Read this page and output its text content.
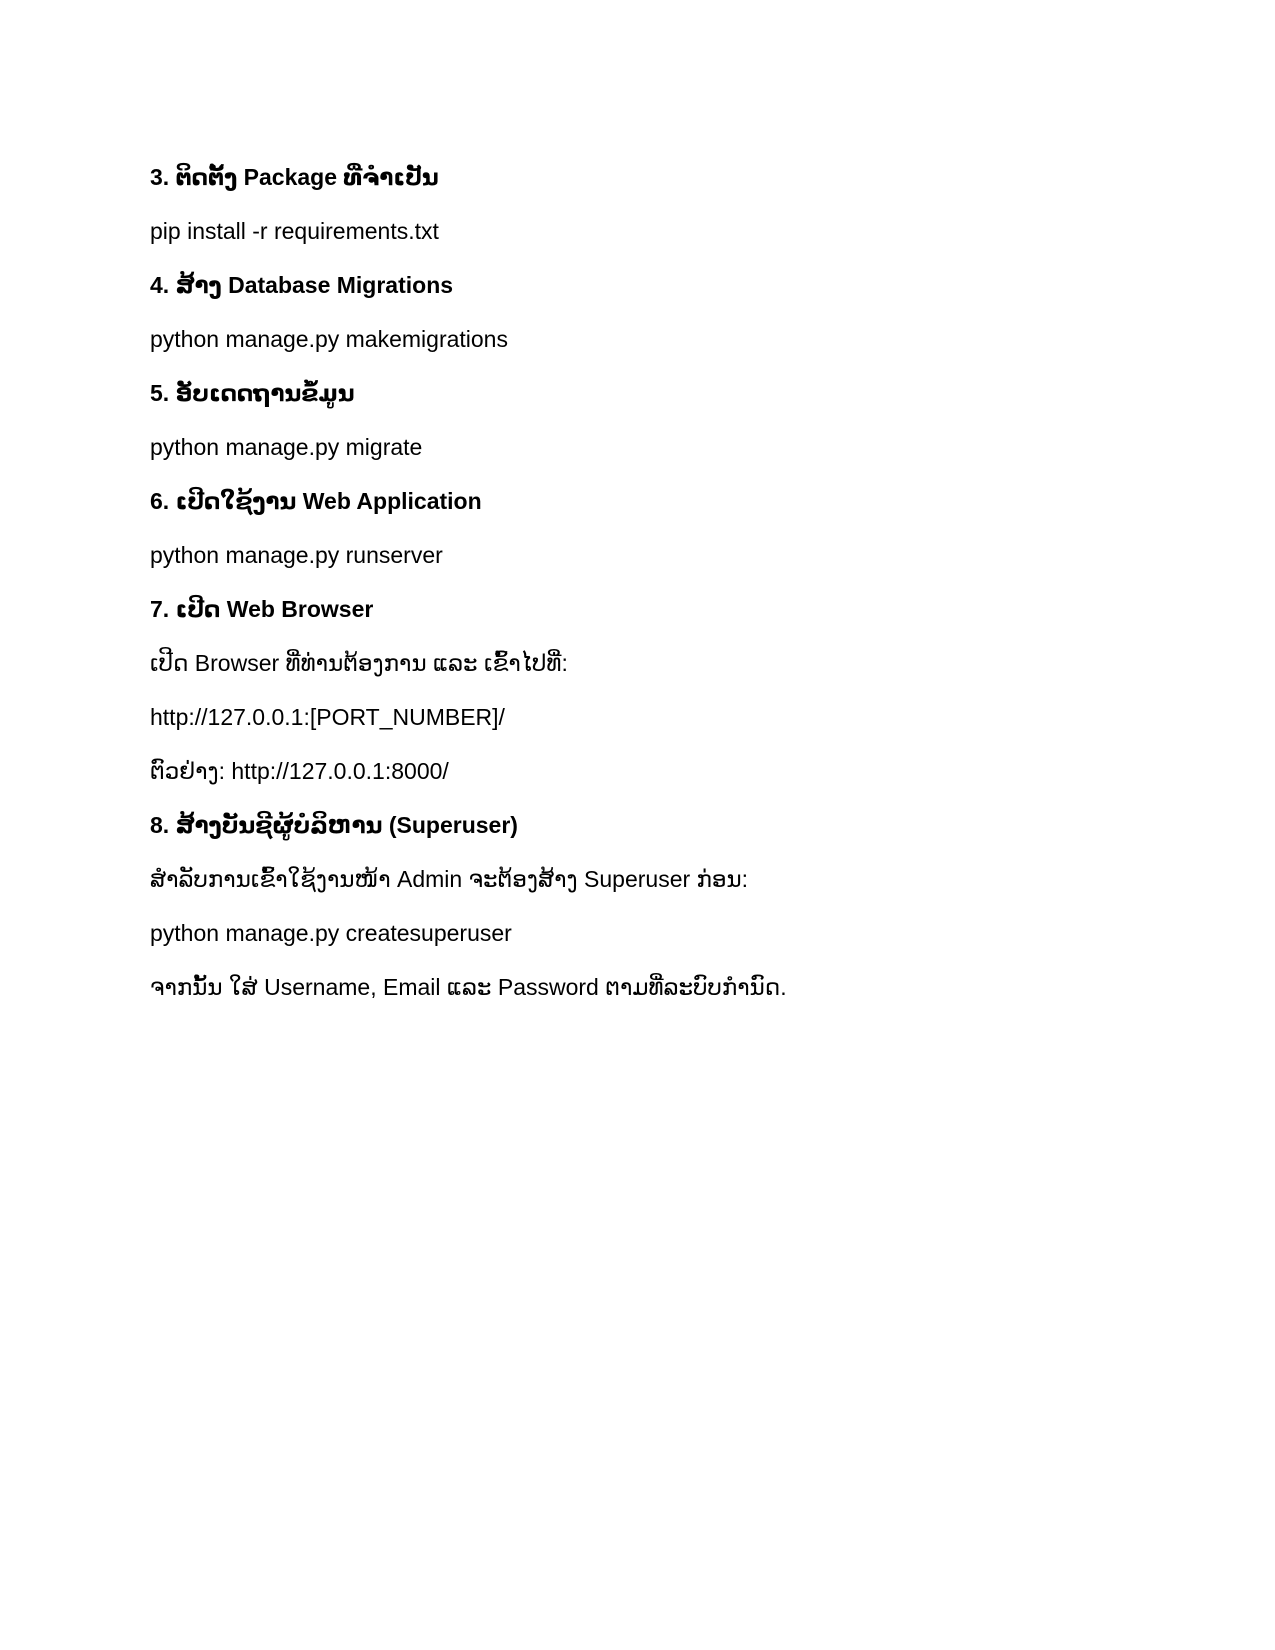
3. ຕິດຕັ້ງ Package ທີ່ຈໍາເປັນ
pip install -r requirements.txt
4. ສ້າງ Database Migrations
python manage.py makemigrations
5. ອັບເດດຖານຂໍ້ມູນ
python manage.py migrate
6. ເປີດໃຊ້ງານ Web Application
python manage.py runserver
7. ເປີດ Web Browser
ເປີດ Browser ທີ່ທ່ານຕ້ອງການ ແລະ ເຂົ້າໄປທີ່:
http://127.0.0.1:[PORT_NUMBER]/
ຕົວຢ່າງ: http://127.0.0.1:8000/
8. ສ້າງບັນຊີຜູ້ບໍລິຫານ (Superuser)
ສໍາລັບການເຂົ້າໃຊ້ງານໜ້າ Admin ຈະຕ້ອງສ້າງ Superuser ກ່ອນ:
python manage.py createsuperuser
ຈາກນັ້ນ ໃສ່ Username, Email ແລະ Password ຕາມທີ່ລະບົບກໍານົດ.
